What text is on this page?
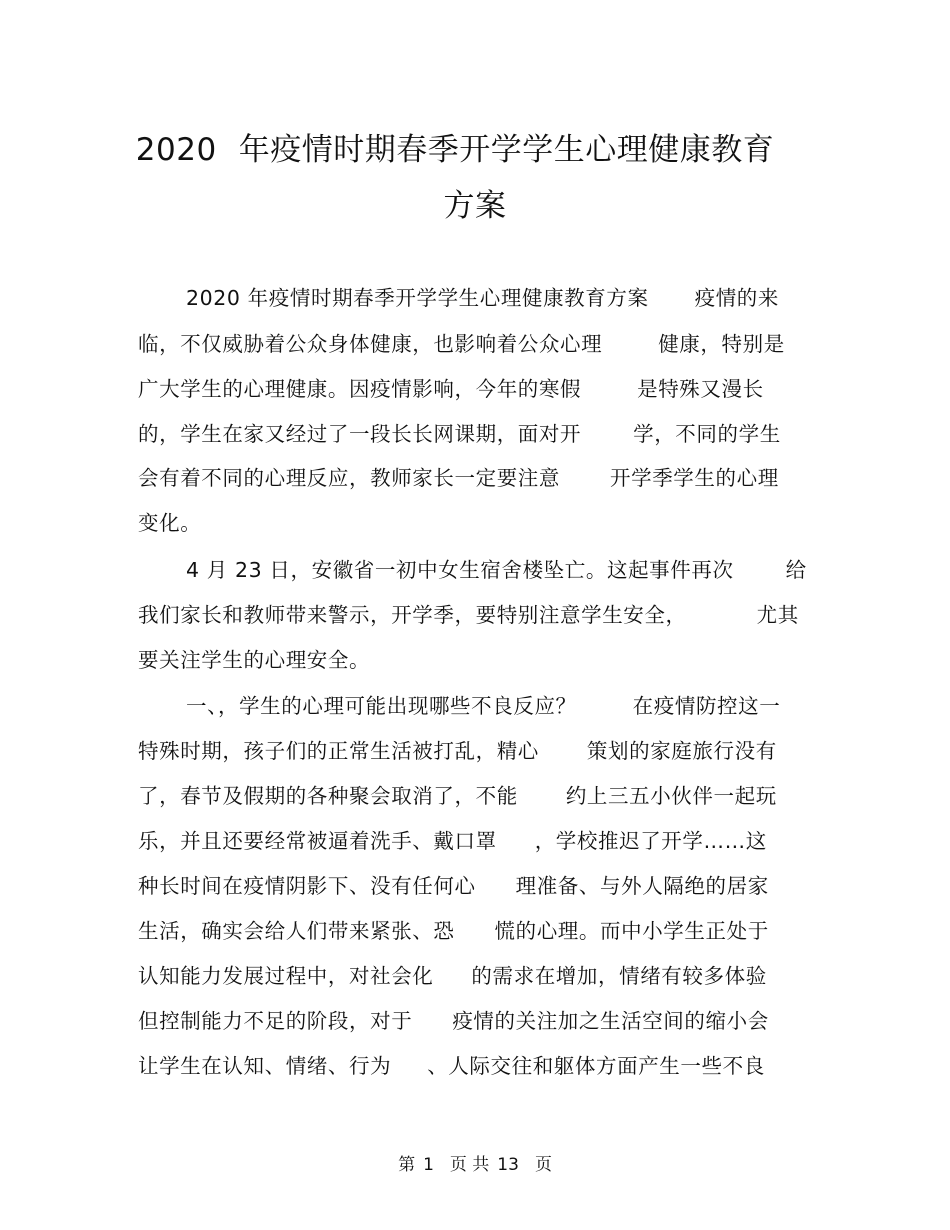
2020 年疫情时期春季开学学生心理健康教育
方案
2020 年疫情时期春季开学学生心理健康教育方案 疫情的来
临，不仅威胁着公众身体健康，也影响着公众心理	健康，特别是
广大学生的心理健康。因疫情影响，今年的寒假	是特殊又漫长
的，学生在家又经过了一段长长网课期，面对开	学，不同的学生
会有着不同的心理反应，教师家长一定要注意 开学季学生的心理
变化。
4 月 23 日，安徽省一初中女生宿舍楼坠亡。这起事件再次	给
我们家长和教师带来警示，开学季，要特别注意学生安全，	尤其
要关注学生的心理安全。
一、，学生的心理可能出现哪些不良反应？	在疫情防控这一
特殊时期，孩子们的正常生活被打乱，精心 策划的家庭旅行没有
了，春节及假期的各种聚会取消了，不能 约上三五小伙伴一起玩
乐，并且还要经常被逼着洗手、戴口罩 ，学校推迟了开学……这
种长时间在疫情阴影下、没有任何心 理准备、与外人隔绝的居家
生活，确实会给人们带来紧张、恐 慌的心理。而中小学生正处于
认知能力发展过程中，对社会化 的需求在增加，情绪有较多体验
但控制能力不足的阶段，对于 疫情的关注加之生活空间的缩小会
让学生在认知、情绪、行为 、人际交往和躯体方面产生一些不良
第 1 页 共 13 页
